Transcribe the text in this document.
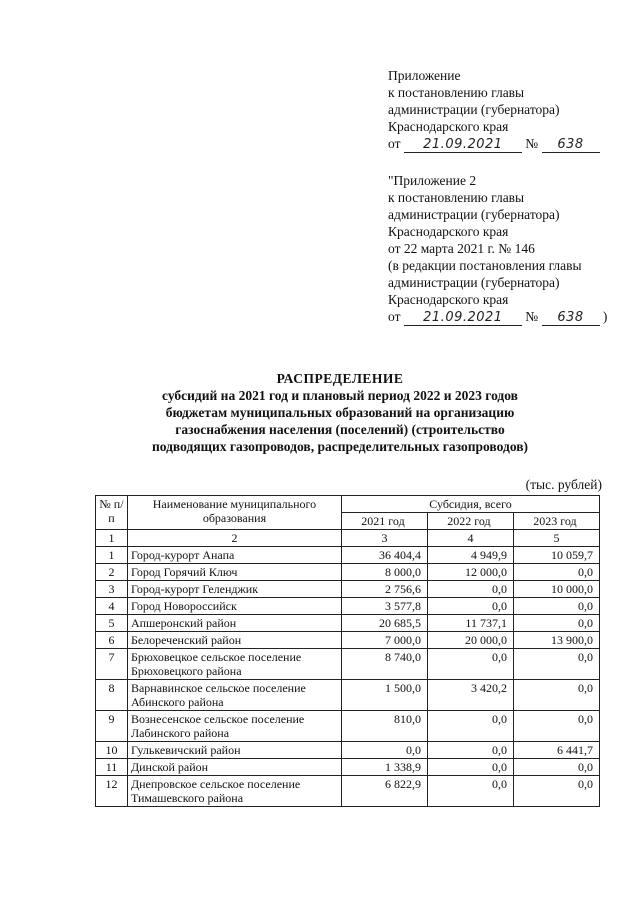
Приложение
к постановлению главы
администрации (губернатора)
Краснодарского края
от 21.09.2021 № 638
"Приложение 2
к постановлению главы
администрации (губернатора)
Краснодарского края
от 22 марта 2021 г. № 146
(в редакции постановления главы
администрации (губернатора)
Краснодарского края
от 21.09.2021 № 638 )
РАСПРЕДЕЛЕНИЕ
субсидий на 2021 год и плановый период 2022 и 2023 годов
бюджетам муниципальных образований на организацию
газоснабжения населения (поселений) (строительство
подводящих газопроводов, распределительных газопроводов)
(тыс. рублей)
№ п/п	Наименование муниципального образования	Субсидия, всего		
		2021 год	2022 год	2023 год
1	2	3	4	5
1	Город-курорт Анапа	36 404,4	4 949,9	10 059,7
2	Город Горячий Ключ	8 000,0	12 000,0	0,0
3	Город-курорт Геленджик	2 756,6	0,0	10 000,0
4	Город Новороссийск	3 577,8	0,0	0,0
5	Апшеронский район	20 685,5	11 737,1	0,0
6	Белореченский район	7 000,0	20 000,0	13 900,0
7	Брюховецкое сельское поселение Брюховецкого района	8 740,0	0,0	0,0
8	Варнавинское сельское поселение Абинского района	1 500,0	3 420,2	0,0
9	Вознесенское сельское поселение Лабинского района	810,0	0,0	0,0
10	Гулькевичский район	0,0	0,0	6 441,7
11	Динской район	1 338,9	0,0	0,0
12	Днепровское сельское поселение Тимашевского района	6 822,9	0,0	0,0
